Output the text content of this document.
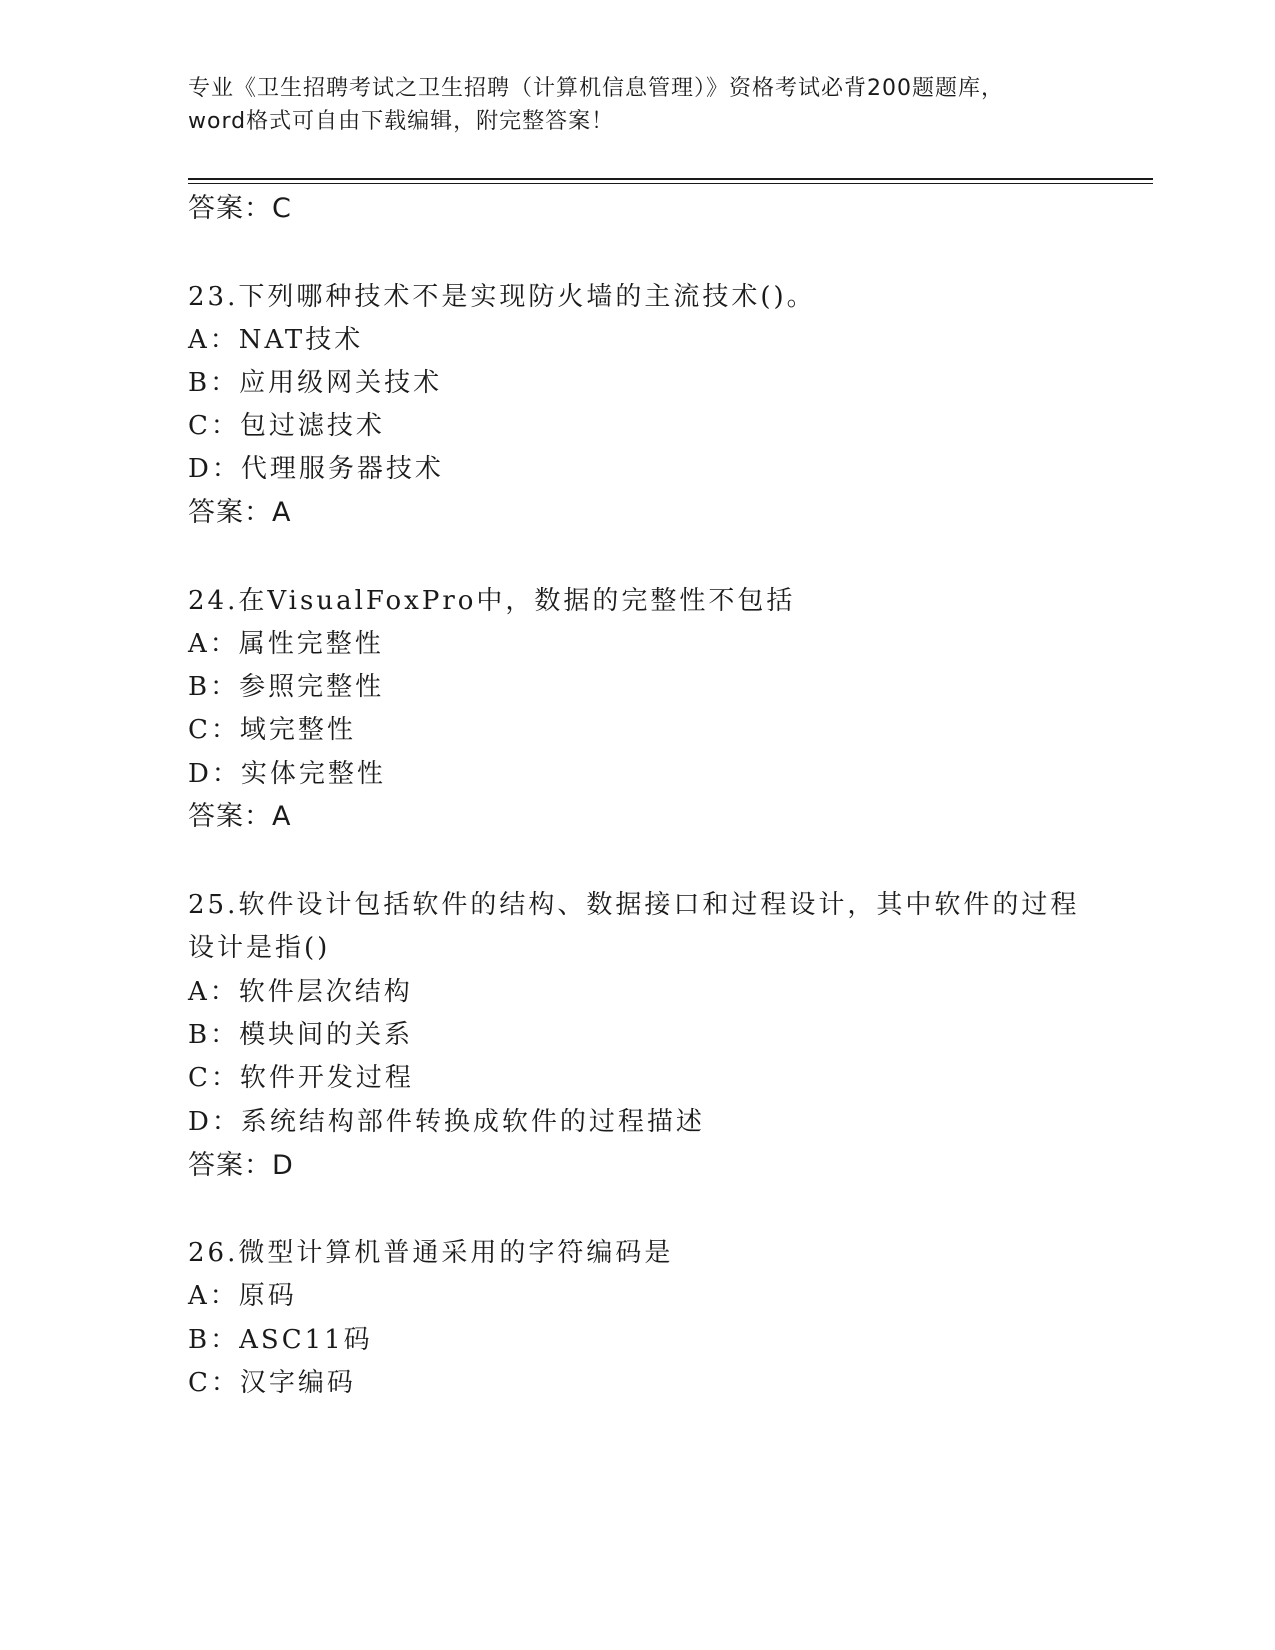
专业《卫生招聘考试之卫生招聘（计算机信息管理）》资格考试必背200题题库，
word格式可自由下载编辑，附完整答案！
答案：C
23.下列哪种技术不是实现防火墙的主流技术()。
A：NAT技术
B：应用级网关技术
C：包过滤技术
D：代理服务器技术
答案：A
24.在VisualFoxPro中，数据的完整性不包括
A：属性完整性
B：参照完整性
C：域完整性
D：实体完整性
答案：A
25.软件设计包括软件的结构、数据接口和过程设计，其中软件的过程
设计是指()
A：软件层次结构
B：模块间的关系
C：软件开发过程
D：系统结构部件转换成软件的过程描述
答案：D
26.微型计算机普通采用的字符编码是
A：原码
B：ASC11码
C：汉字编码
